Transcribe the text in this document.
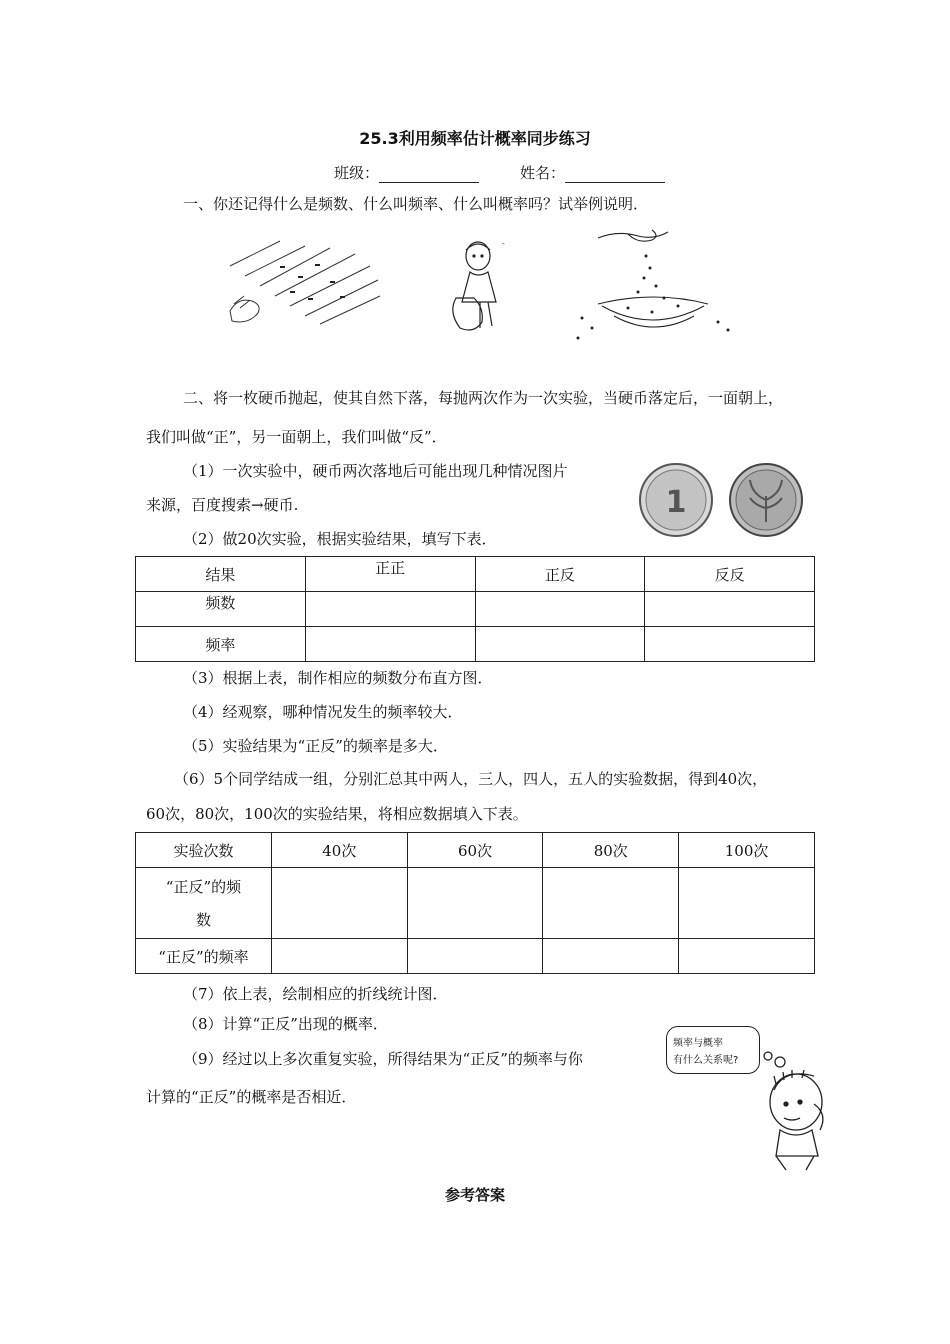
25.3利用频率估计概率同步练习
班级：	姓名：
一、你还记得什么是频数、什么叫频率、什么叫概率吗？试举例说明．
-
二、将一枚硬币抛起，使其自然下落，每抛两次作为一次实验，当硬币落定后，一面朝上，
我们叫做“正”，另一面朝上，我们叫做“反”．
（1）一次实验中，硬币两次落地后可能出现几种情况图片
来源，百度搜索→硬币.	1
（2）做20次实验，根据实验结果，填写下表．
结果	正正	正反	反反
频数			
频率			
（3）根据上表，制作相应的频数分布直方图．
（4）经观察，哪种情况发生的频率较大．
（5）实验结果为“正反”的频率是多大．
（6）5个同学结成一组，分别汇总其中两人，三人，四人，五人的实验数据，得到40次，
60次，80次，100次的实验结果，将相应数据填入下表。
实验次数	40次	60次	80次	100次

“正反”的频
数				

“正反”的频率				
（7）依上表，绘制相应的折线统计图．
（8）计算“正反”出现的概率．
（9）经过以上多次重复实验，所得结果为“正反”的频率与你
计算的“正反”的概率是否相近．
频率与概率
有什么关系呢?
参考答案
